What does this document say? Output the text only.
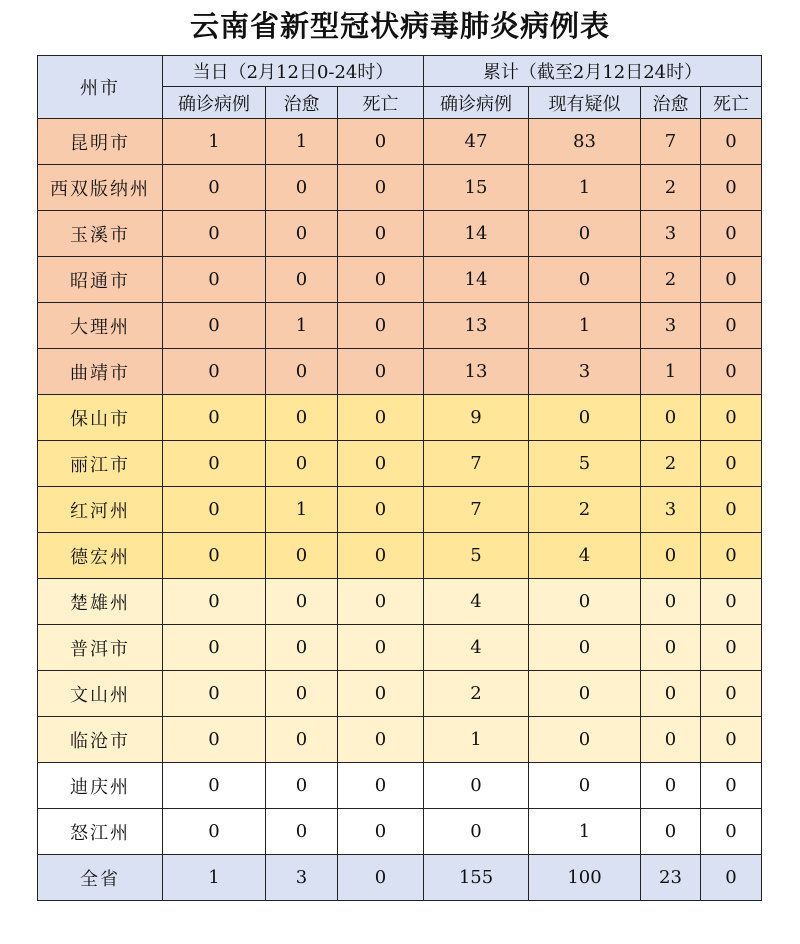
云南省新型冠状病毒肺炎病例表
州市	当日（2月12日0-24时）			累计（截至2月12日24时）			
	确诊病例	治愈	死亡	确诊病例	现有疑似	治愈	死亡
昆明市	1	1	0	47	83	7	0
西双版纳州	0	0	0	15	1	2	0
玉溪市	0	0	0	14	0	3	0
昭通市	0	0	0	14	0	2	0
大理州	0	1	0	13	1	3	0
曲靖市	0	0	0	13	3	1	0
保山市	0	0	0	9	0	0	0
丽江市	0	0	0	7	5	2	0
红河州	0	1	0	7	2	3	0
德宏州	0	0	0	5	4	0	0
楚雄州	0	0	0	4	0	0	0
普洱市	0	0	0	4	0	0	0
文山州	0	0	0	2	0	0	0
临沧市	0	0	0	1	0	0	0
迪庆州	0	0	0	0	0	0	0
怒江州	0	0	0	0	1	0	0
全省	1	3	0	155	100	23	0
